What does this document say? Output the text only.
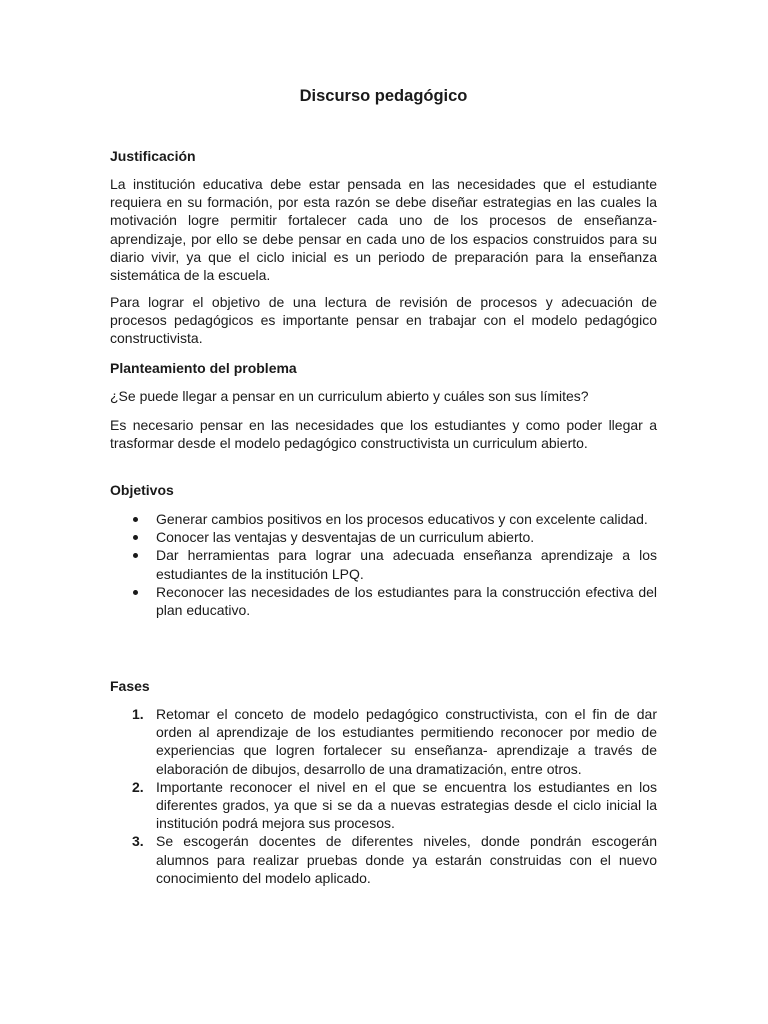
Discurso pedagógico
Justificación

La institución educativa debe estar pensada en las necesidades que el estudiante requiera en su formación, por esta razón se debe diseñar estrategias en las cuales la motivación logre permitir fortalecer cada uno de los procesos de enseñanza-aprendizaje, por ello se debe pensar en cada uno de los espacios construidos para su diario vivir, ya que el ciclo inicial es un periodo de preparación para la enseñanza sistemática de la escuela.

Para lograr el objetivo de una lectura de revisión de procesos y adecuación de procesos pedagógicos es importante pensar en trabajar con el modelo pedagógico constructivista.

Planteamiento del problema

¿Se puede llegar a pensar en un curriculum abierto y cuáles son sus límites?

Es necesario pensar en las necesidades que los estudiantes y como poder llegar a trasformar desde el modelo pedagógico constructivista un curriculum abierto.

Objetivos
Generar cambios positivos en los procesos educativos y con excelente calidad.
Conocer las ventajas y desventajas de un curriculum abierto.
Dar herramientas para lograr una adecuada enseñanza aprendizaje a los estudiantes de la institución LPQ.
Reconocer las necesidades de los estudiantes para la construcción efectiva del plan educativo.
Fases
1. Retomar el conceto de modelo pedagógico constructivista, con el fin de dar orden al aprendizaje de los estudiantes permitiendo reconocer por medio de experiencias que logren fortalecer su enseñanza- aprendizaje a través de elaboración de dibujos, desarrollo de una dramatización, entre otros.
2. Importante reconocer el nivel en el que se encuentra los estudiantes en los diferentes grados, ya que si se da a nuevas estrategias desde el ciclo inicial la institución podrá mejora sus procesos.
3. Se escogerán docentes de diferentes niveles, donde pondrán escogerán alumnos para realizar pruebas donde ya estarán construidas con el nuevo conocimiento del modelo aplicado.
